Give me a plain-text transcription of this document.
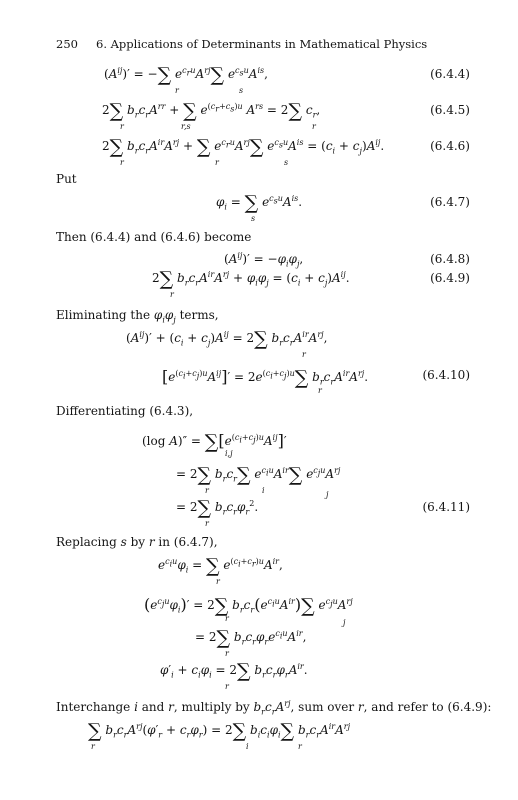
250 6. Applications of Determinants in Mathematical Physics
$(A^{ij})'$ = −∑ $e^{c_ru}A^{rj}\sum$ $e^{c_su}A^{is}$,
r	s
(6.4.4)
2∑ $b_rc_rA^{rr}$ + ∑ $e^{(c_r+c_s)u}$ $A^{rs} = 2\sum$ $c_r$,
r	r,s	r
(6.4.5)
2∑ $b_rc_rA^{ir}A^{rj}$ + ∑ $e^{c_ru}A^{rj}\sum$ $e^{c_su}A^{is} = (c_i + c_j)A^{ij}$.
r	r	s
(6.4.6)
Put
$\varphi_i$ = ∑ $e^{c_su}A^{is}$.
s
(6.4.7)
Then (6.4.4) and (6.4.6) become
$(A^{ij})' = -\varphi_i\varphi_j$,	(6.4.8)
2∑ $b_rc_rA^{ir}A^{rj} + \varphi_i\varphi_j = (c_i + c_j)A^{ij}$.
r
(6.4.9)
Eliminating the $\varphi_i\varphi_j$ terms,
$(A^{ij})' + (c_i + c_j)A^{ij} = 2\sum$ $b_rc_rA^{ir}A^{rj}$,
r
$[e^{(c_i+c_j)u}A^{ij}]' = 2e^{(c_i+c_j)u}\sum$ $b_rc_rA^{ir}A^{rj}$.
r
(6.4.10)
Differentiating (6.4.3),
(log $A)'' = \sum[e^{(c_i+c_j)u}A^{ij}]'$
i,j
= 2∑ $b_rc_r\sum$ $e^{c_iu}A^{ir}\sum$ $e^{c_ju}A^{rj}$
r	i	j
= 2∑ $b_rc_r\varphi_r^2$.
r
(6.4.11)
Replacing s by r in (6.4.7),
$e^{c_iu}\varphi_i$ = ∑ $e^{(c_i+c_r)u}A^{ir}$,
r
$(e^{c_ju}\varphi_i)' = 2\sum$ $b_rc_r(e^{c_iu}A^{ir})\sum$ $e^{c_ju}A^{rj}$
r	j
= 2∑ $b_rc_r\varphi_re^{c_iu}A^{ir}$,
r
$\varphi'_i + c_i\varphi_i = 2\sum$ $b_rc_r\varphi_rA^{ir}$.
r
Interchange i and r, multiply by $b_rc_rA^{rj}$, sum over r, and refer to (6.4.9):
∑ $b_rc_rA^{rj}(\varphi'_r + c_r\varphi_r) = 2\sum$ $b_ic_i\varphi_i\sum$ $b_rc_rA^{ir}A^{rj}$
r	i	r
